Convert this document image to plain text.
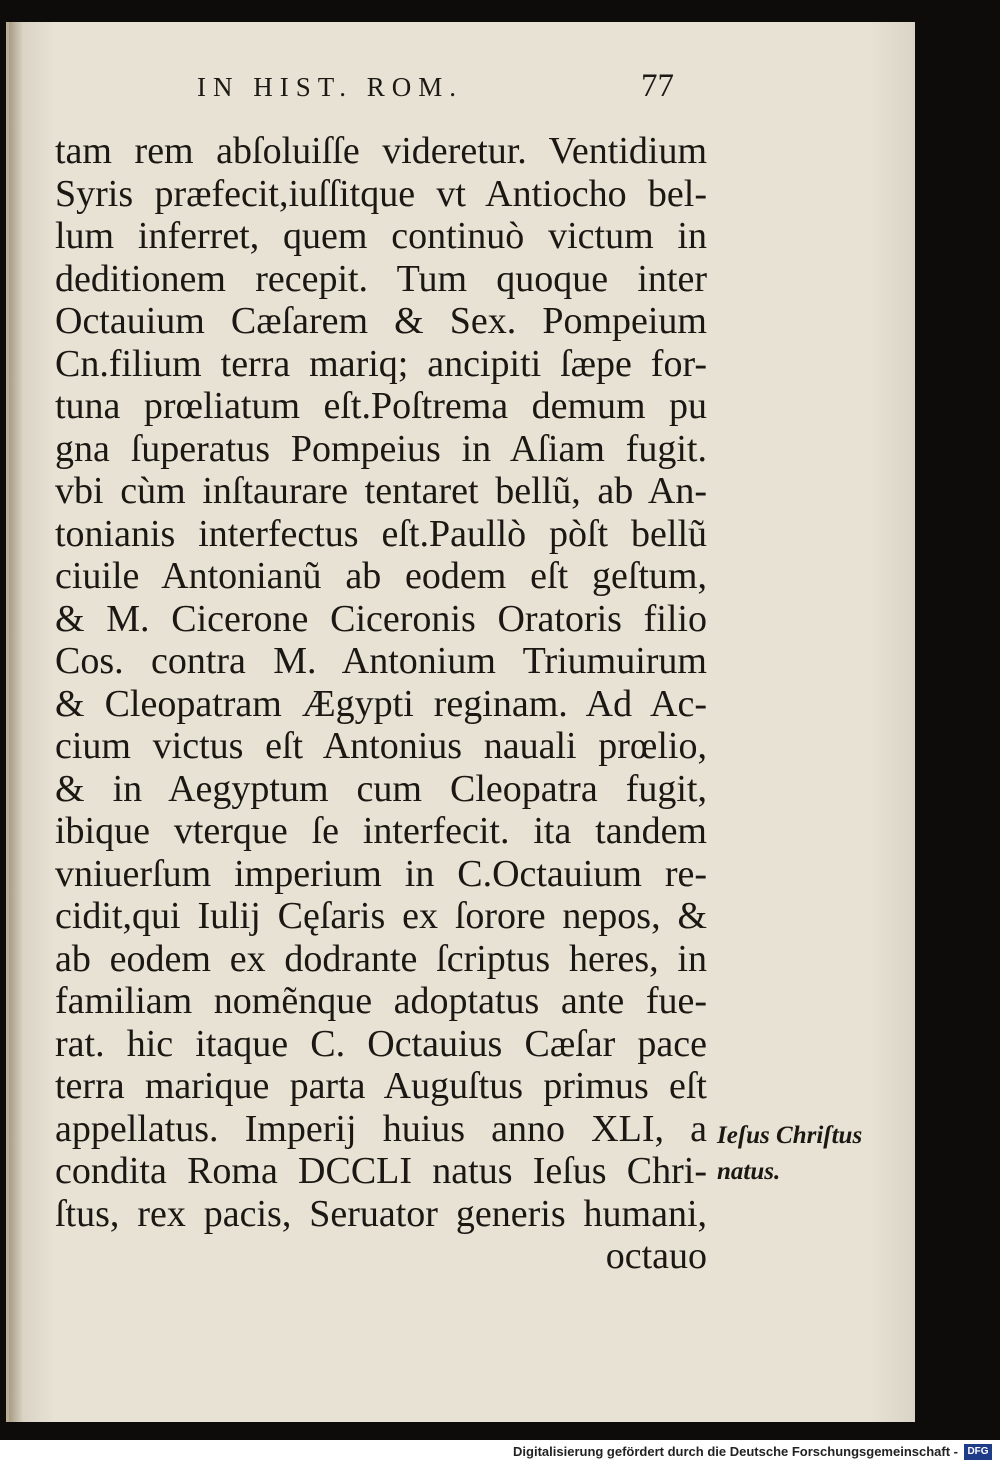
IN HIST. ROM.	77
tam rem abſoluiſſe videretur. Ventidium
Syris præfecit,iuſſitque vt Antiocho bel-
lum inferret, quem continuò victum in
deditionem recepit. Tum quoque inter
Octauium Cæſarem & Sex. Pompeium
Cn.filium terra mariq; ancipiti ſæpe for-
tuna prœliatum eſt.Poſtrema demum pu
gna ſuperatus Pompeius in Aſiam fugit.
vbi cùm inſtaurare tentaret bellũ, ab An-
tonianis interfectus eſt.Paullò pòſt bellũ
ciuile Antonianũ ab eodem eſt geſtum,
& M. Cicerone Ciceronis Oratoris filio
Cos. contra M. Antonium Triumuirum
& Cleopatram Ægypti reginam. Ad Ac-
cium victus eſt Antonius nauali prœlio,
& in Aegyptum cum Cleopatra fugit,
ibique vterque ſe interfecit. ita tandem
vniuerſum imperium in C.Octauium re-
cidit,qui Iulij Cęſaris ex ſorore nepos, &
ab eodem ex dodrante ſcriptus heres, in
familiam nomẽnque adoptatus ante fue-
rat. hic itaque C. Octauius Cæſar pace
terra marique parta Auguſtus primus eſt
appellatus. Imperij huius anno XLI, a
condita Roma DCCLI natus Ieſus Chri-
ſtus, rex pacis, Seruator generis humani,
octauo
Ieſus Chriſtus
natus.
Digitalisierung gefördert durch die Deutsche Forschungsgemeinschaft - DFG
